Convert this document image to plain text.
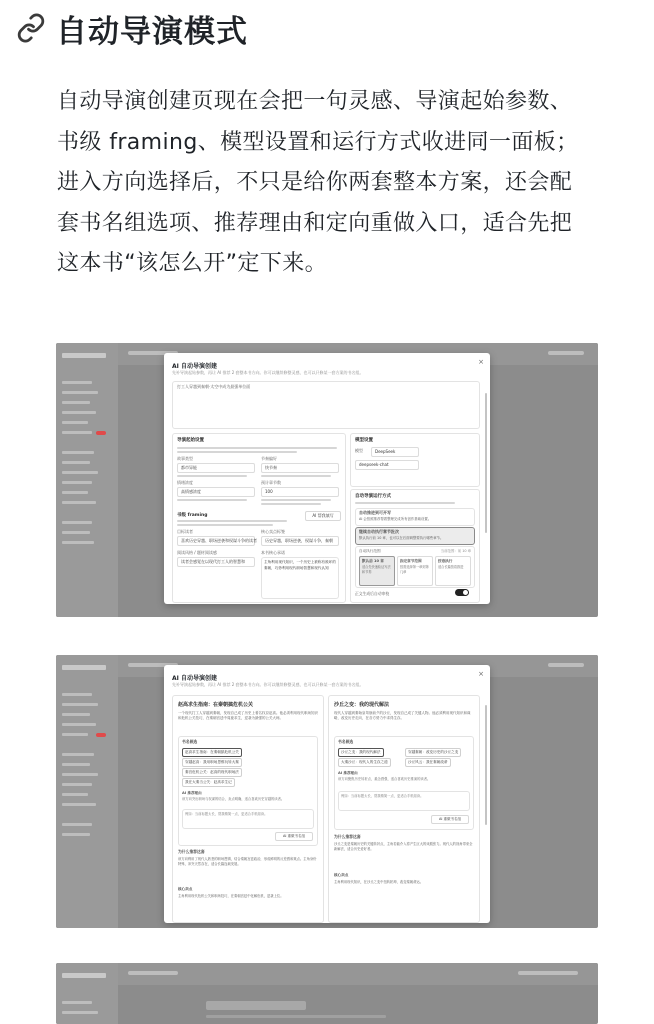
自动导演模式

自动导演创建页现在会把一句灵感、导演起始参数、书级 framing、模型设置和运行方式收进同一面板；进入方向选择后，不只是给你两套整本方案，还会配套书名组选项、推荐理由和定向重做入口，适合先把这本书“该怎么开”定下来。

AI 自动导演创建
先补导演起始参数，再让 AI 推荐 2 套整本书方向。你可以继续修整灵感，也可以只修某一套方案的书名组。
×
打工人穿越到秦朝·太空中成为最强单位面
导演起始设置
故事类型
都市异能
节奏偏好
快节奏
情绪浓度
高情感浓度
预计章节数
100
书级 framing	AI 帮我填写
目标读者
喜欢历史穿越、职场逆袭和权谋斗争的读者
核心卖点标签
历史穿越，职场逆袭，权谋斗争，秦朝
阅读风格 / 题材阅读感
读者会感觉在以现代打工人的智慧和
本书核心承诺
主角利用现代知识，一个历史上被称有败坏的秦朝，巧妙利用现代职场智慧和现代认知
模型设置
模型	DeepSeek
deepseek-chat
自动导演运行方式
自动推进到可开写
AI 会按照推荐帮着整理完成所有创作基础设置。
继续自动执行章节批次
默认执行前 10 章，也可以在后面调整要执行哪些章节。
自动执行范围	当前范围：前 10 章
默认前 10 章
适合先快速验证写法和节奏
指定章节范围
按需选择第一章到第几章
按卷执行
适合长篇按卷推进
正文生成后自动审校
AI 自动导演创建
先补导演起始参数，再让 AI 推荐 2 套整本书方向。你可以继续修整灵感，也可以只修某一套方案的书名组。
×
赵高求生指南：在秦朝搞危机公关
一个现代打工人穿越到秦朝，发现自己成了历史上著名权臣赵高。他必须利用现代职场知识和危机公关技巧，在秦朝宫廷中周旋求生，逆袭为最强的公关大师。
书名候选
赵高求生指南：在秦朝搞危机公关
穿越赵高：我用职场思维玩转大秦
秦宫危机公关：赵高的现代职场法
我在大秦当公关：赵高求生记
AI 推荐理由
该方向突出职场与权谋的结合，卖点明确，适合喜欢历史穿越的读者。
例如：当前标题太长，帮我精简一点，更适合手机阅读。
AI 重做书名组
为什么推荐这套
该方向利用了现代人熟悉的职场逻辑，结合秦朝宫廷政治，形成鲜明的反差感和爽点。主角身份特殊，冲突天然存在，适合长篇连载发展。
核心卖点
主角利用现代危机公关和职场技巧，在秦朝宫廷中化解危机，逆袭上位。
沙丘之变：我的现代解法
现代人穿越到秦始皇驾崩前夕的沙丘，发现自己成了关键人物。他必须利用现代知识和谋略，改变历史走向，在各方势力中求得生存。
书名候选
沙丘之变：我的现代解法	穿越秦朝：改变历史的沙丘之变
大秦沙丘：现代人的生存之道	沙丘风云：我在秦朝改命
AI 推荐理由
该方向聚焦历史转折点，悬念感强，适合喜欢历史推演的读者。
例如：当前标题太长，帮我精简一点，更适合手机阅读。
AI 重做书名组
为什么推荐这套
沙丘之变是秦朝历史的关键转折点，主角若能介入将产生巨大的戏剧张力。现代人的视角带来全新解法，适合历史爱好者。
核心卖点
主角利用现代知识，在沙丘之变中扭转乾坤，改变秦朝命运。
